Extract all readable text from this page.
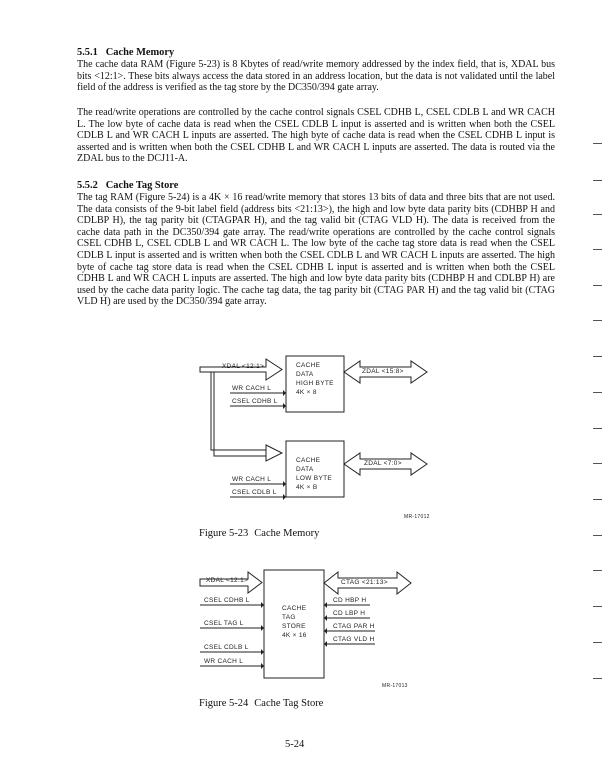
5.5.1 Cache Memory
The cache data RAM (Figure 5-23) is 8 Kbytes of read/write memory addressed by the index field, that is, XDAL bus bits <12:1>. These bits always access the data stored in an address location, but the data is not validated until the label field of the address is verified as the tag store by the DC350/394 gate array.
The read/write operations are controlled by the cache control signals CSEL CDHB L, CSEL CDLB L and WR CACH L. The low byte of cache data is read when the CSEL CDLB L input is asserted and is written when both the CSEL CDLB L and WR CACH L inputs are asserted. The high byte of cache data is read when the CSEL CDHB L input is asserted and is written when both the CSEL CDHB L and WR CACH L inputs are asserted. The data is routed via the ZDAL bus to the DCJ11-A.
5.5.2 Cache Tag Store
The tag RAM (Figure 5-24) is a 4K × 16 read/write memory that stores 13 bits of data and three bits that are not used. The data consists of the 9-bit label field (address bits <21:13>), the high and low byte data parity bits (CDHBP H and CDLBP H), the tag parity bit (CTAGPAR H), and the tag valid bit (CTAG VLD H). The data is received from the cache data path in the DC350/394 gate array. The read/write operations are controlled by the cache control signals CSEL CDHB L, CSEL CDLB L and WR CACH L. The low byte of the cache tag store data is read when the CSEL CDLB L input is asserted and is written when both the CSEL CDLB L and WR CACH L inputs are asserted. The high byte of cache tag store data is read when the CSEL CDHB L input is asserted and is written when both the CSEL CDHB L and WR CACH L inputs are asserted. The high and low byte data parity bits (CDHBP H and CDLBP H) are used by the cache data parity logic. The cache tag data, the tag parity bit (CTAG PAR H) and the tag valid bit (CTAG VLD H) are used by the DC350/394 gate array.
XDAL <12:1>
WR CACH L
CSEL CDHB L
CACHE
DATA
HIGH BYTE
4K × 8
ZDAL <15:8>
WR CACH L
CSEL CDLB L
CACHE
DATA
LOW BYTE
4K × B
ZDAL <7:0>
MR-17012
Figure 5-23 Cache Memory
XDAL <12:1>
CSEL CDHB L
CSEL TAG L
CSEL CDLB L
WR CACH L
CACHE
TAG
STORE
4K × 16
CTAG <21:13>
CD HBP H
CD LBP H
CTAG PAR H
CTAG VLD H
MR-17013
Figure 5-24 Cache Tag Store
5-24
